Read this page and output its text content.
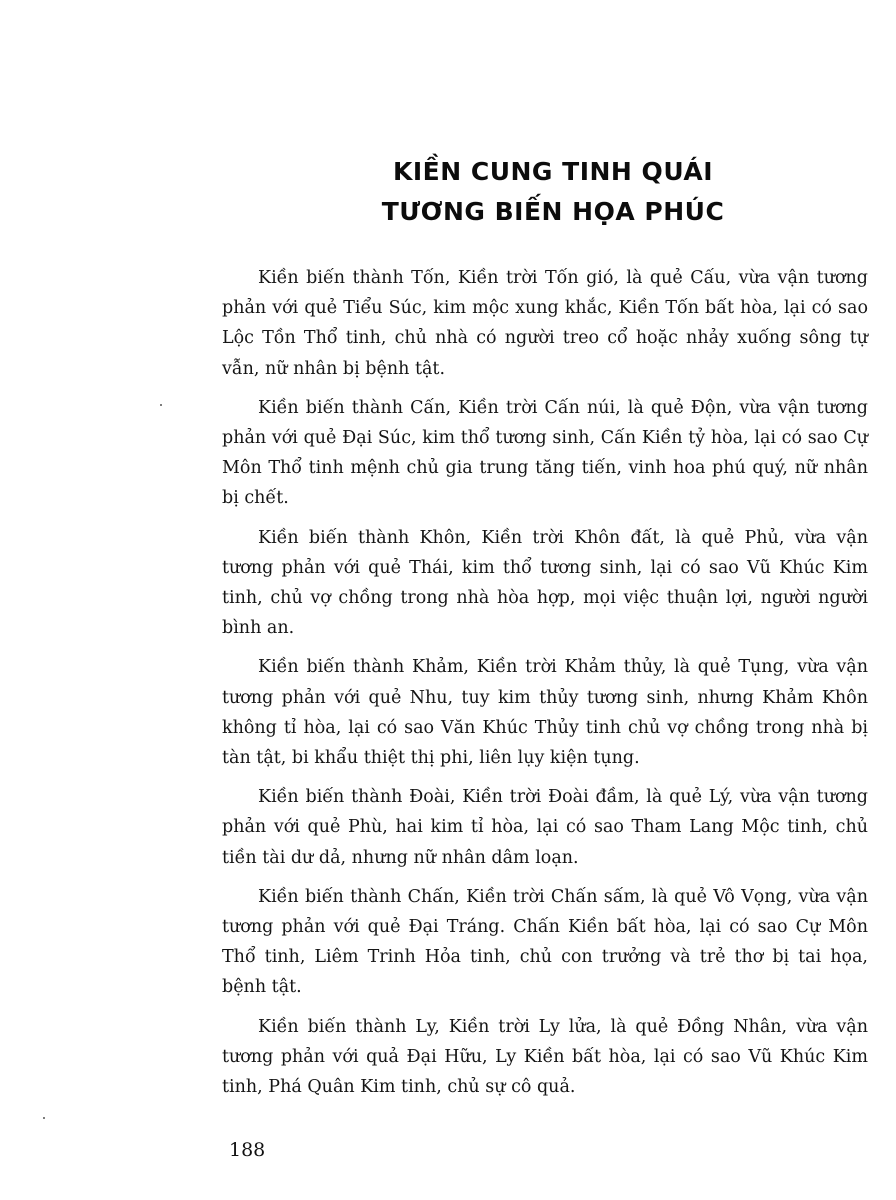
KIỀN CUNG TINH QUÁI
TƯƠNG BIẾN HỌA PHÚC

Kiền biến thành Tốn, Kiền trời Tốn gió, là quẻ Cấu, vừa vận tương phản với quẻ Tiểu Súc, kim mộc xung khắc, Kiền Tốn bất hòa, lại có sao Lộc Tồn Thổ tinh, chủ nhà có người treo cổ hoặc nhảy xuống sông tự vẫn, nữ nhân bị bệnh tật.

Kiền biến thành Cấn, Kiền trời Cấn núi, là quẻ Độn, vừa vận tương phản với quẻ Đại Súc, kim thổ tương sinh, Cấn Kiền tỷ hòa, lại có sao Cự Môn Thổ tinh mệnh chủ gia trung tăng tiến, vinh hoa phú quý, nữ nhân bị chết.

Kiền biến thành Khôn, Kiền trời Khôn đất, là quẻ Phủ, vừa vận tương phản với quẻ Thái, kim thổ tương sinh, lại có sao Vũ Khúc Kim tinh, chủ vợ chồng trong nhà hòa hợp, mọi việc thuận lợi, người người bình an.

Kiền biến thành Khảm, Kiền trời Khảm thủy, là quẻ Tụng, vừa vận tương phản với quẻ Nhu, tuy kim thủy tương sinh, nhưng Khảm Khôn không tỉ hòa, lại có sao Văn Khúc Thủy tinh chủ vợ chồng trong nhà bị tàn tật, bi khẩu thiệt thị phi, liên lụy kiện tụng.

Kiền biến thành Đoài, Kiền trời Đoài đầm, là quẻ Lý, vừa vận tương phản với quẻ Phù, hai kim tỉ hòa, lại có sao Tham Lang Mộc tinh, chủ tiền tài dư dả, nhưng nữ nhân dâm loạn.

Kiền biến thành Chấn, Kiền trời Chấn sấm, là quẻ Vô Vọng, vừa vận tương phản với quẻ Đại Tráng. Chấn Kiền bất hòa, lại có sao Cự Môn Thổ tinh, Liêm Trinh Hỏa tinh, chủ con trưởng và trẻ thơ bị tai họa, bệnh tật.

Kiền biến thành Ly, Kiền trời Ly lửa, là quẻ Đồng Nhân, vừa vận tương phản với quả Đại Hữu, Ly Kiền bất hòa, lại có sao Vũ Khúc Kim tinh, Phá Quân Kim tinh, chủ sự cô quả.

188
